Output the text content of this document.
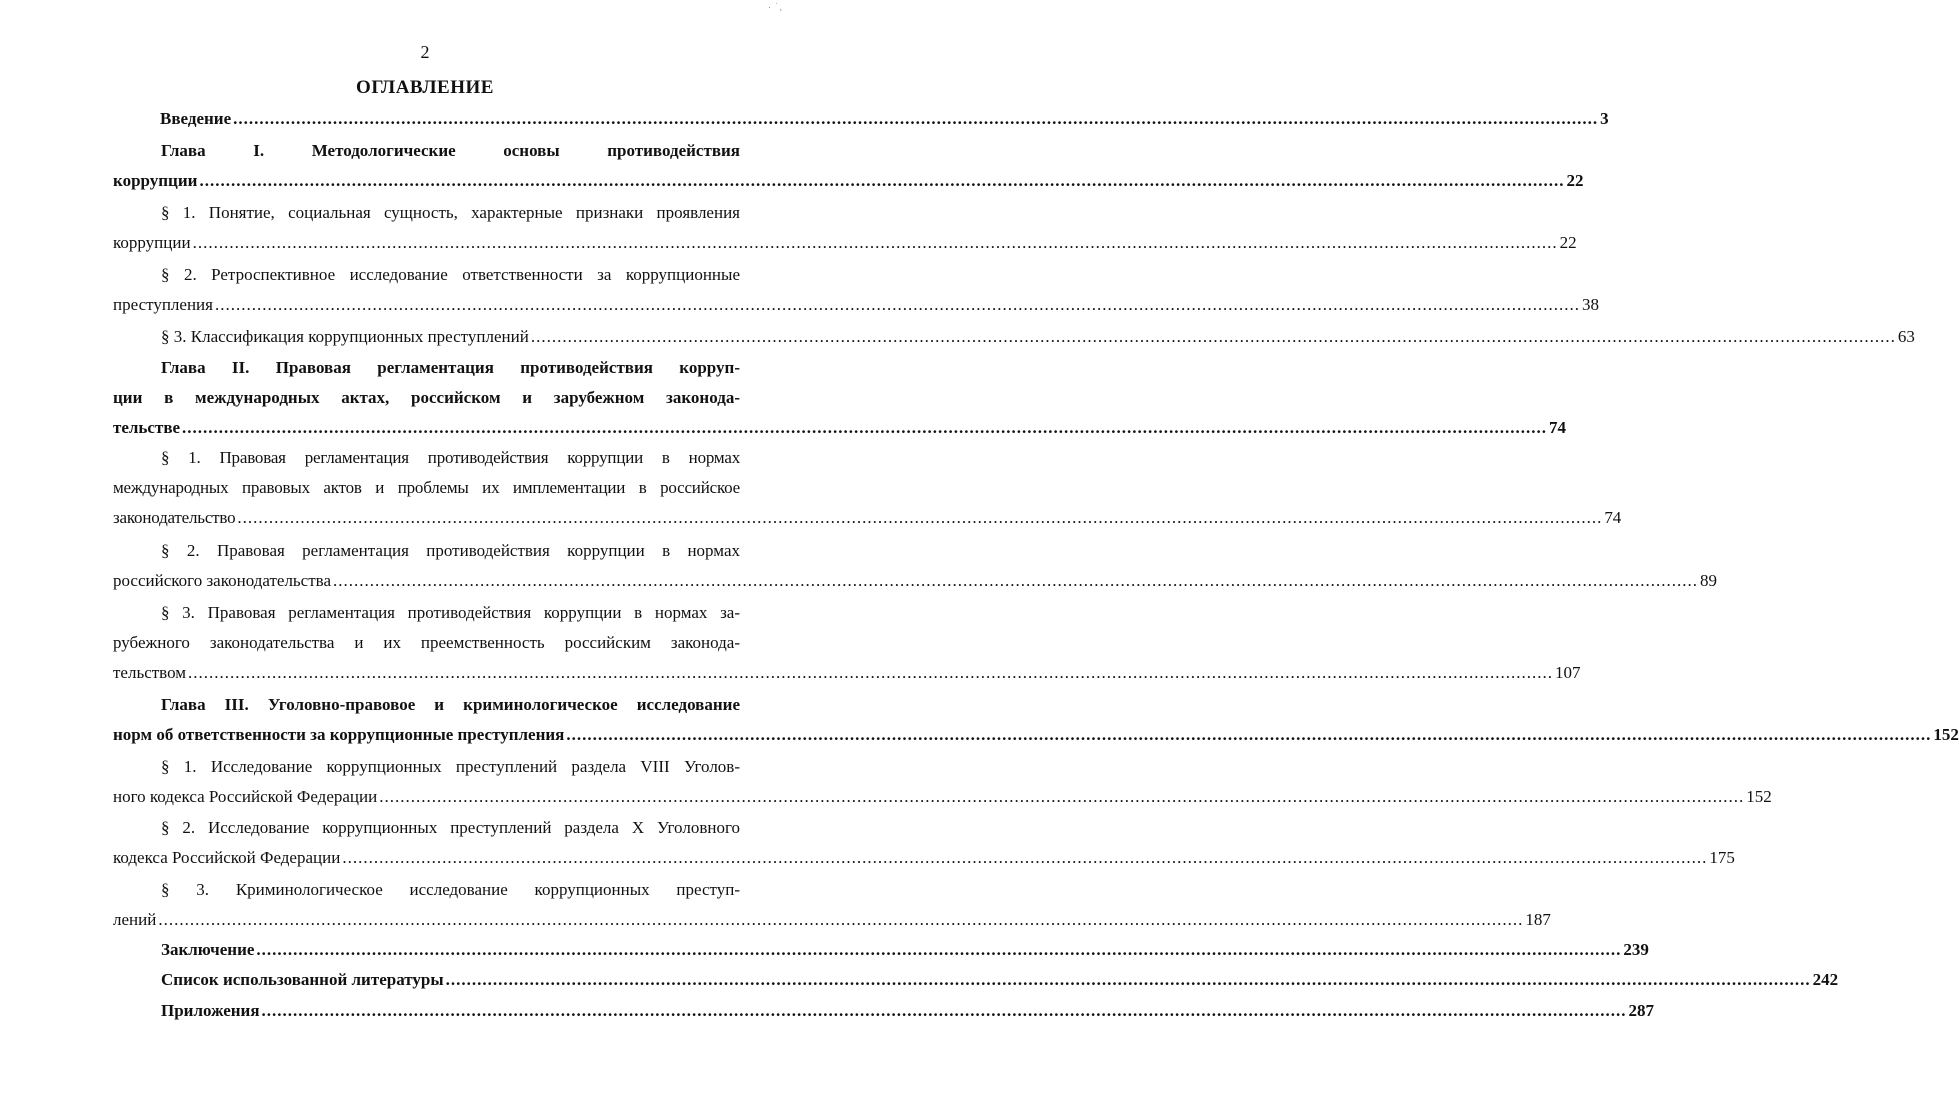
· ˙,
2
ОГЛАВЛЕНИЕ
Введение .................................................................................................................................................................................................................................................................... 3
Глава I. Методологические основы противодействия
коррупции .................................................................................................................................................................................................................................................................... 22
§ 1. Понятие, социальная сущность, характерные признаки проявления
коррупции .................................................................................................................................................................................................................................................................... 22
§ 2. Ретроспективное исследование ответственности за коррупционные
преступления .................................................................................................................................................................................................................................................................... 38
§ 3. Классификация коррупционных преступлений .................................................................................................................................................................................................................................................................... 63
Глава II. Правовая регламентация противодействия корруп-
ции в международных актах, российском и зарубежном законода-
тельстве .................................................................................................................................................................................................................................................................... 74
§ 1. Правовая регламентация противодействия коррупции в нормах
международных правовых актов и проблемы их имплементации в российское
законодательство .................................................................................................................................................................................................................................................................... 74
§ 2. Правовая регламентация противодействия коррупции в нормах
российского законодательства .................................................................................................................................................................................................................................................................... 89
§ 3. Правовая регламентация противодействия коррупции в нормах за-
рубежного законодательства и их преемственность российским законода-
тельством .................................................................................................................................................................................................................................................................... 107
Глава III. Уголовно-правовое и криминологическое исследование
норм об ответственности за коррупционные преступления .................................................................................................................................................................................................................................................................... 152
§ 1. Исследование коррупционных преступлений раздела VIII Уголов-
ного кодекса Российской Федерации .................................................................................................................................................................................................................................................................... 152
§ 2. Исследование коррупционных преступлений раздела X Уголовного
кодекса Российской Федерации .................................................................................................................................................................................................................................................................... 175
§ 3. Криминологическое исследование коррупционных преступ-
лений .................................................................................................................................................................................................................................................................... 187
Заключение .................................................................................................................................................................................................................................................................... 239
Список использованной литературы .................................................................................................................................................................................................................................................................... 242
Приложения .................................................................................................................................................................................................................................................................... 287
